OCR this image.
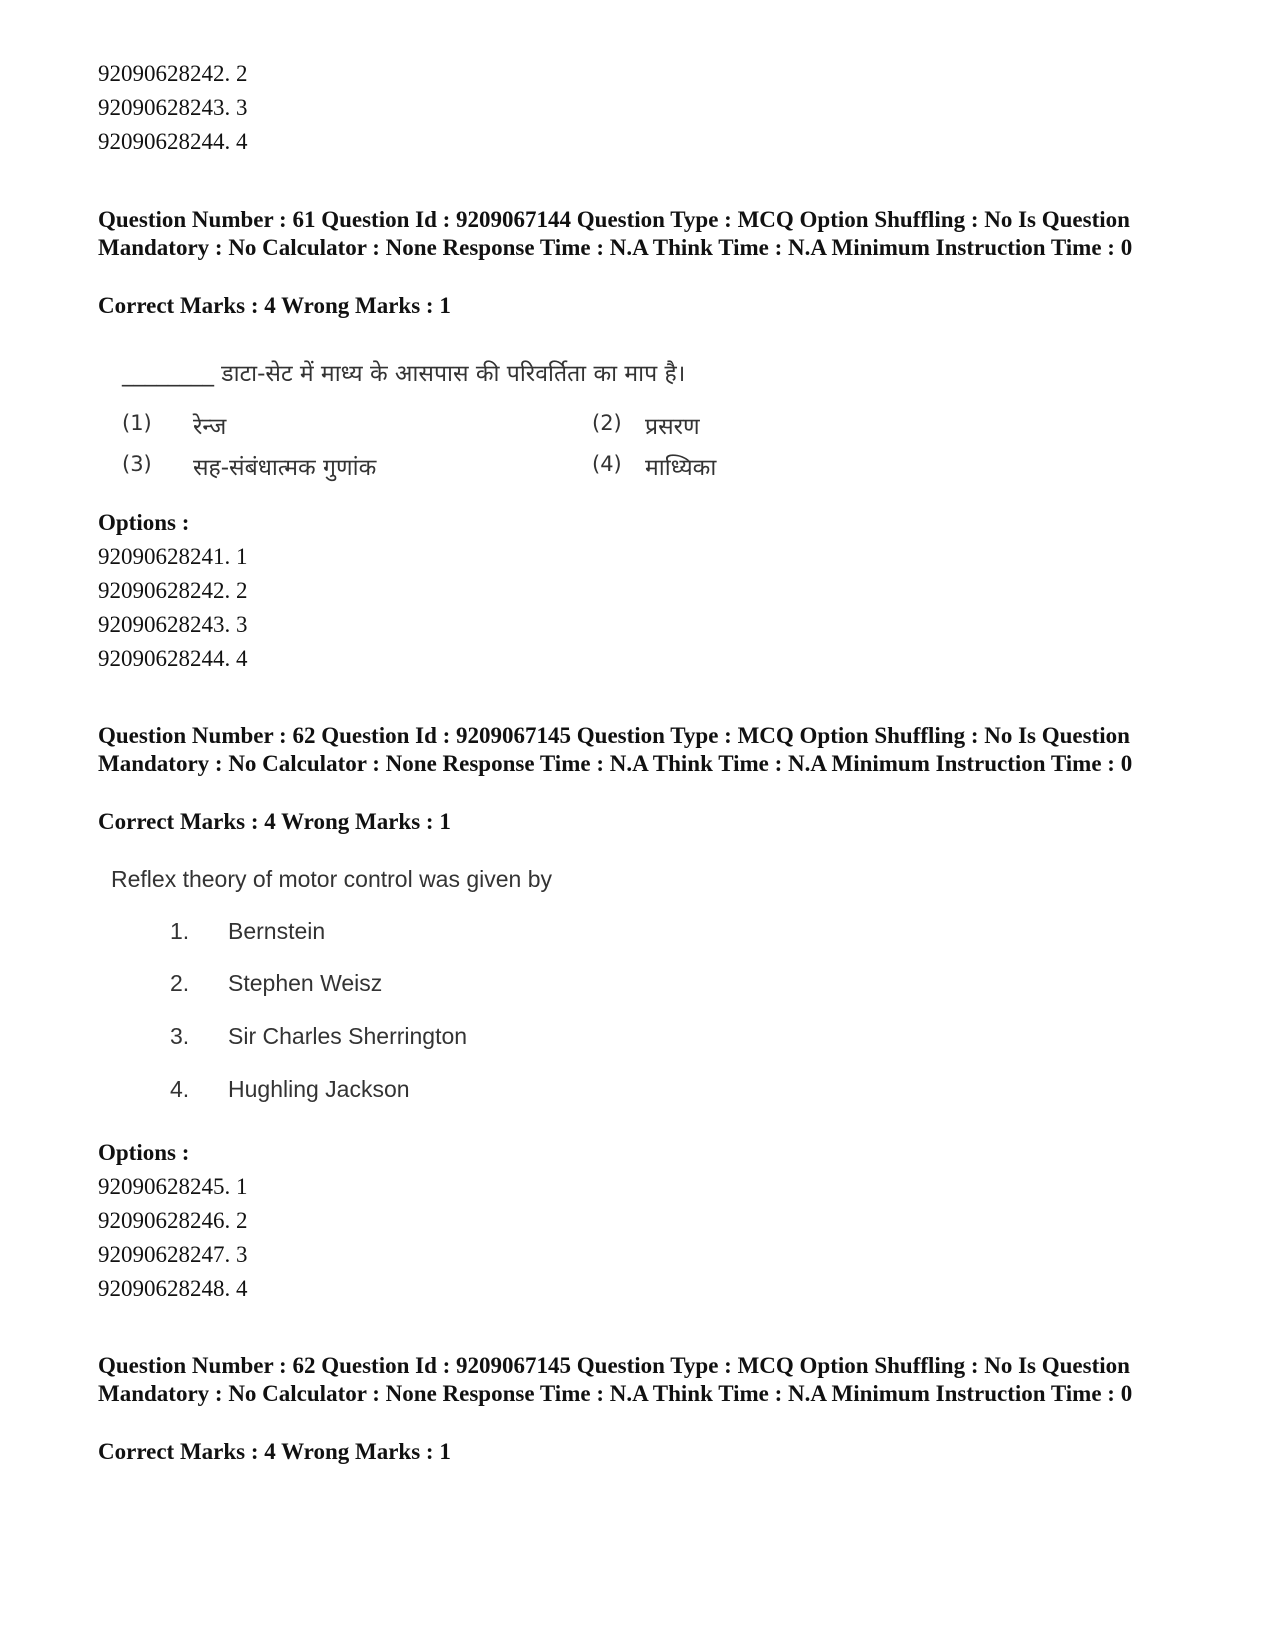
92090628242. 2
92090628243. 3
92090628244. 4
Question Number : 61 Question Id : 9209067144 Question Type : MCQ Option Shuffling : No Is Question Mandatory : No Calculator : None Response Time : N.A Think Time : N.A Minimum Instruction Time : 0
Correct Marks : 4 Wrong Marks : 1
________ डाटा-सेट में माध्य के आसपास की परिवर्तिता का माप है।
(1) रेन्ज	(2) प्रसरण
(3) सह-संबंधात्मक गुणांक	(4) माध्यिका
Options :
92090628241. 1
92090628242. 2
92090628243. 3
92090628244. 4
Question Number : 62 Question Id : 9209067145 Question Type : MCQ Option Shuffling : No Is Question Mandatory : No Calculator : None Response Time : N.A Think Time : N.A Minimum Instruction Time : 0
Correct Marks : 4 Wrong Marks : 1
Reflex theory of motor control was given by
1. Bernstein
2. Stephen Weisz
3. Sir Charles Sherrington
4. Hughling Jackson
Options :
92090628245. 1
92090628246. 2
92090628247. 3
92090628248. 4
Question Number : 62 Question Id : 9209067145 Question Type : MCQ Option Shuffling : No Is Question Mandatory : No Calculator : None Response Time : N.A Think Time : N.A Minimum Instruction Time : 0
Correct Marks : 4 Wrong Marks : 1
